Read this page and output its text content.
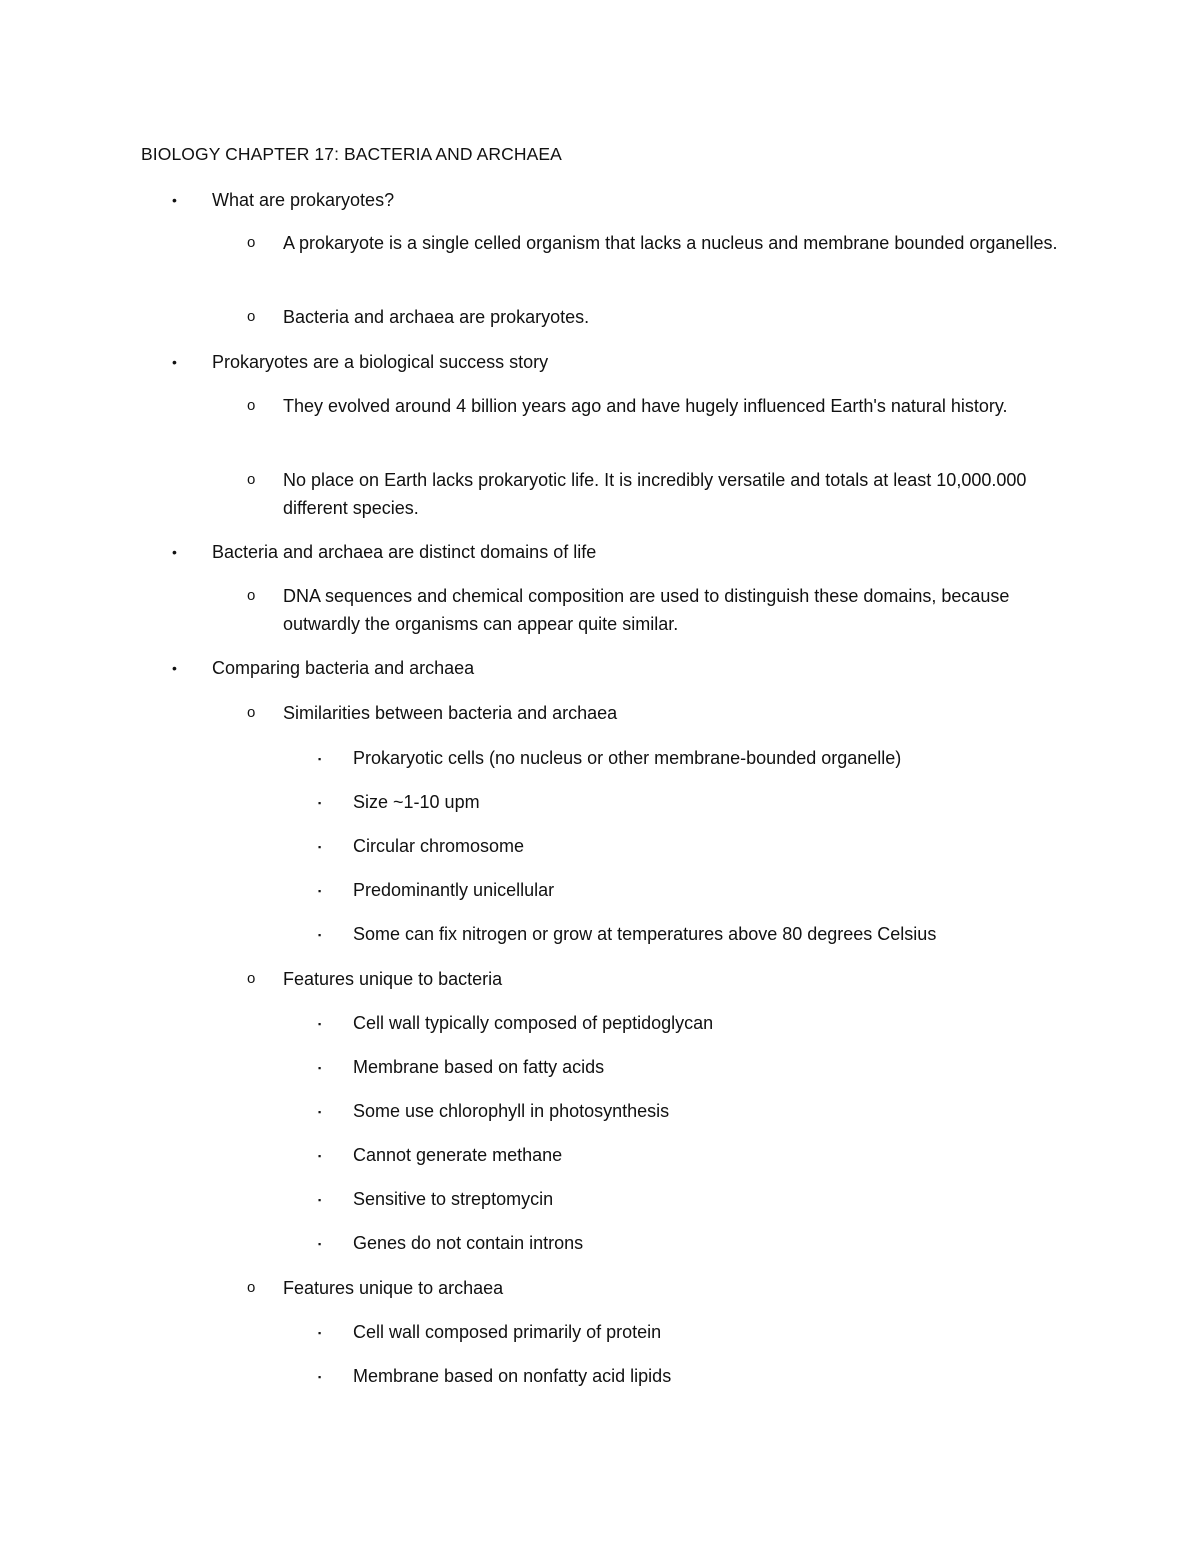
BIOLOGY CHAPTER 17: BACTERIA AND ARCHAEA
• What are prokaryotes?
o A prokaryote is a single celled organism that lacks a nucleus and membrane bounded organelles.
o Bacteria and archaea are prokaryotes.
• Prokaryotes are a biological success story
o They evolved around 4 billion years ago and have hugely influenced Earth's natural history.
o No place on Earth lacks prokaryotic life. It is incredibly versatile and totals at least 10,000.000 different species.
• Bacteria and archaea are distinct domains of life
o DNA sequences and chemical composition are used to distinguish these domains, because outwardly the organisms can appear quite similar.
• Comparing bacteria and archaea
o Similarities between bacteria and archaea
▪ Prokaryotic cells (no nucleus or other membrane-bounded organelle)
▪ Size ~1-10 upm
▪ Circular chromosome
▪ Predominantly unicellular
▪ Some can fix nitrogen or grow at temperatures above 80 degrees Celsius
o Features unique to bacteria
▪ Cell wall typically composed of peptidoglycan
▪ Membrane based on fatty acids
▪ Some use chlorophyll in photosynthesis
▪ Cannot generate methane
▪ Sensitive to streptomycin
▪ Genes do not contain introns
o Features unique to archaea
▪ Cell wall composed primarily of protein
▪ Membrane based on nonfatty acid lipids
